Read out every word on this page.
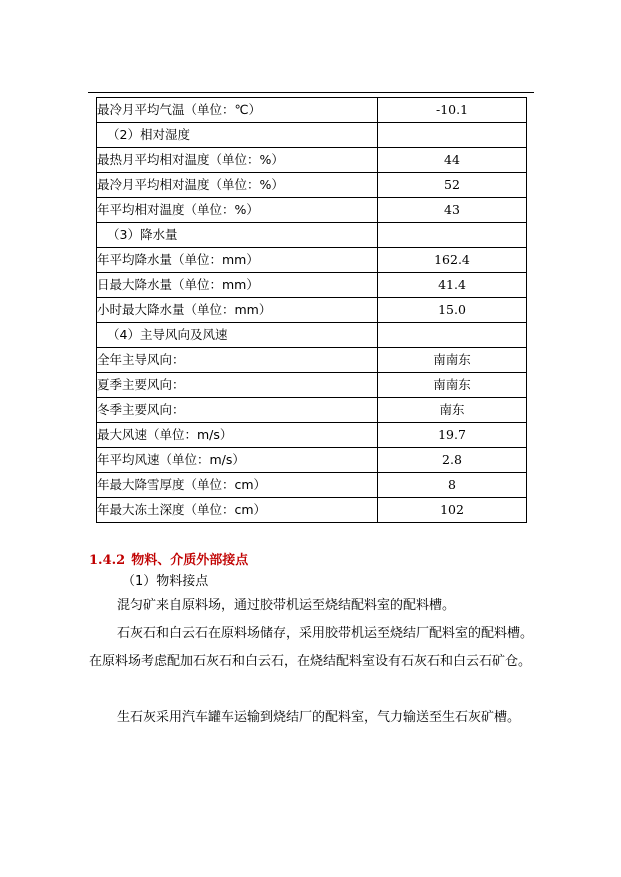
最冷月平均气温（单位：℃）	-10.1
（2）相对湿度	
最热月平均相对温度（单位：%）	44
最冷月平均相对温度（单位：%）	52
年平均相对温度（单位：%）	43
（3）降水量	
年平均降水量（单位：mm）	162.4
日最大降水量（单位：mm）	41.4
小时最大降水量（单位：mm）	15.0
（4）主导风向及风速	
全年主导风向：	南南东
夏季主要风向：	南南东
冬季主要风向：	南东
最大风速（单位：m/s）	19.7
年平均风速（单位：m/s）	2.8
年最大降雪厚度（单位：cm）	8
年最大冻土深度（单位：cm）	102
1.4.2 物料、介质外部接点
（1）物料接点
混匀矿来自原料场，通过胶带机运至烧结配料室的配料槽。
石灰石和白云石在原料场储存，采用胶带机运至烧结厂配料室的配料槽。在原料场考虑配加石灰石和白云石，在烧结配料室设有石灰石和白云石矿仓。
生石灰采用汽车罐车运输到烧结厂的配料室，气力输送至生石灰矿槽。
